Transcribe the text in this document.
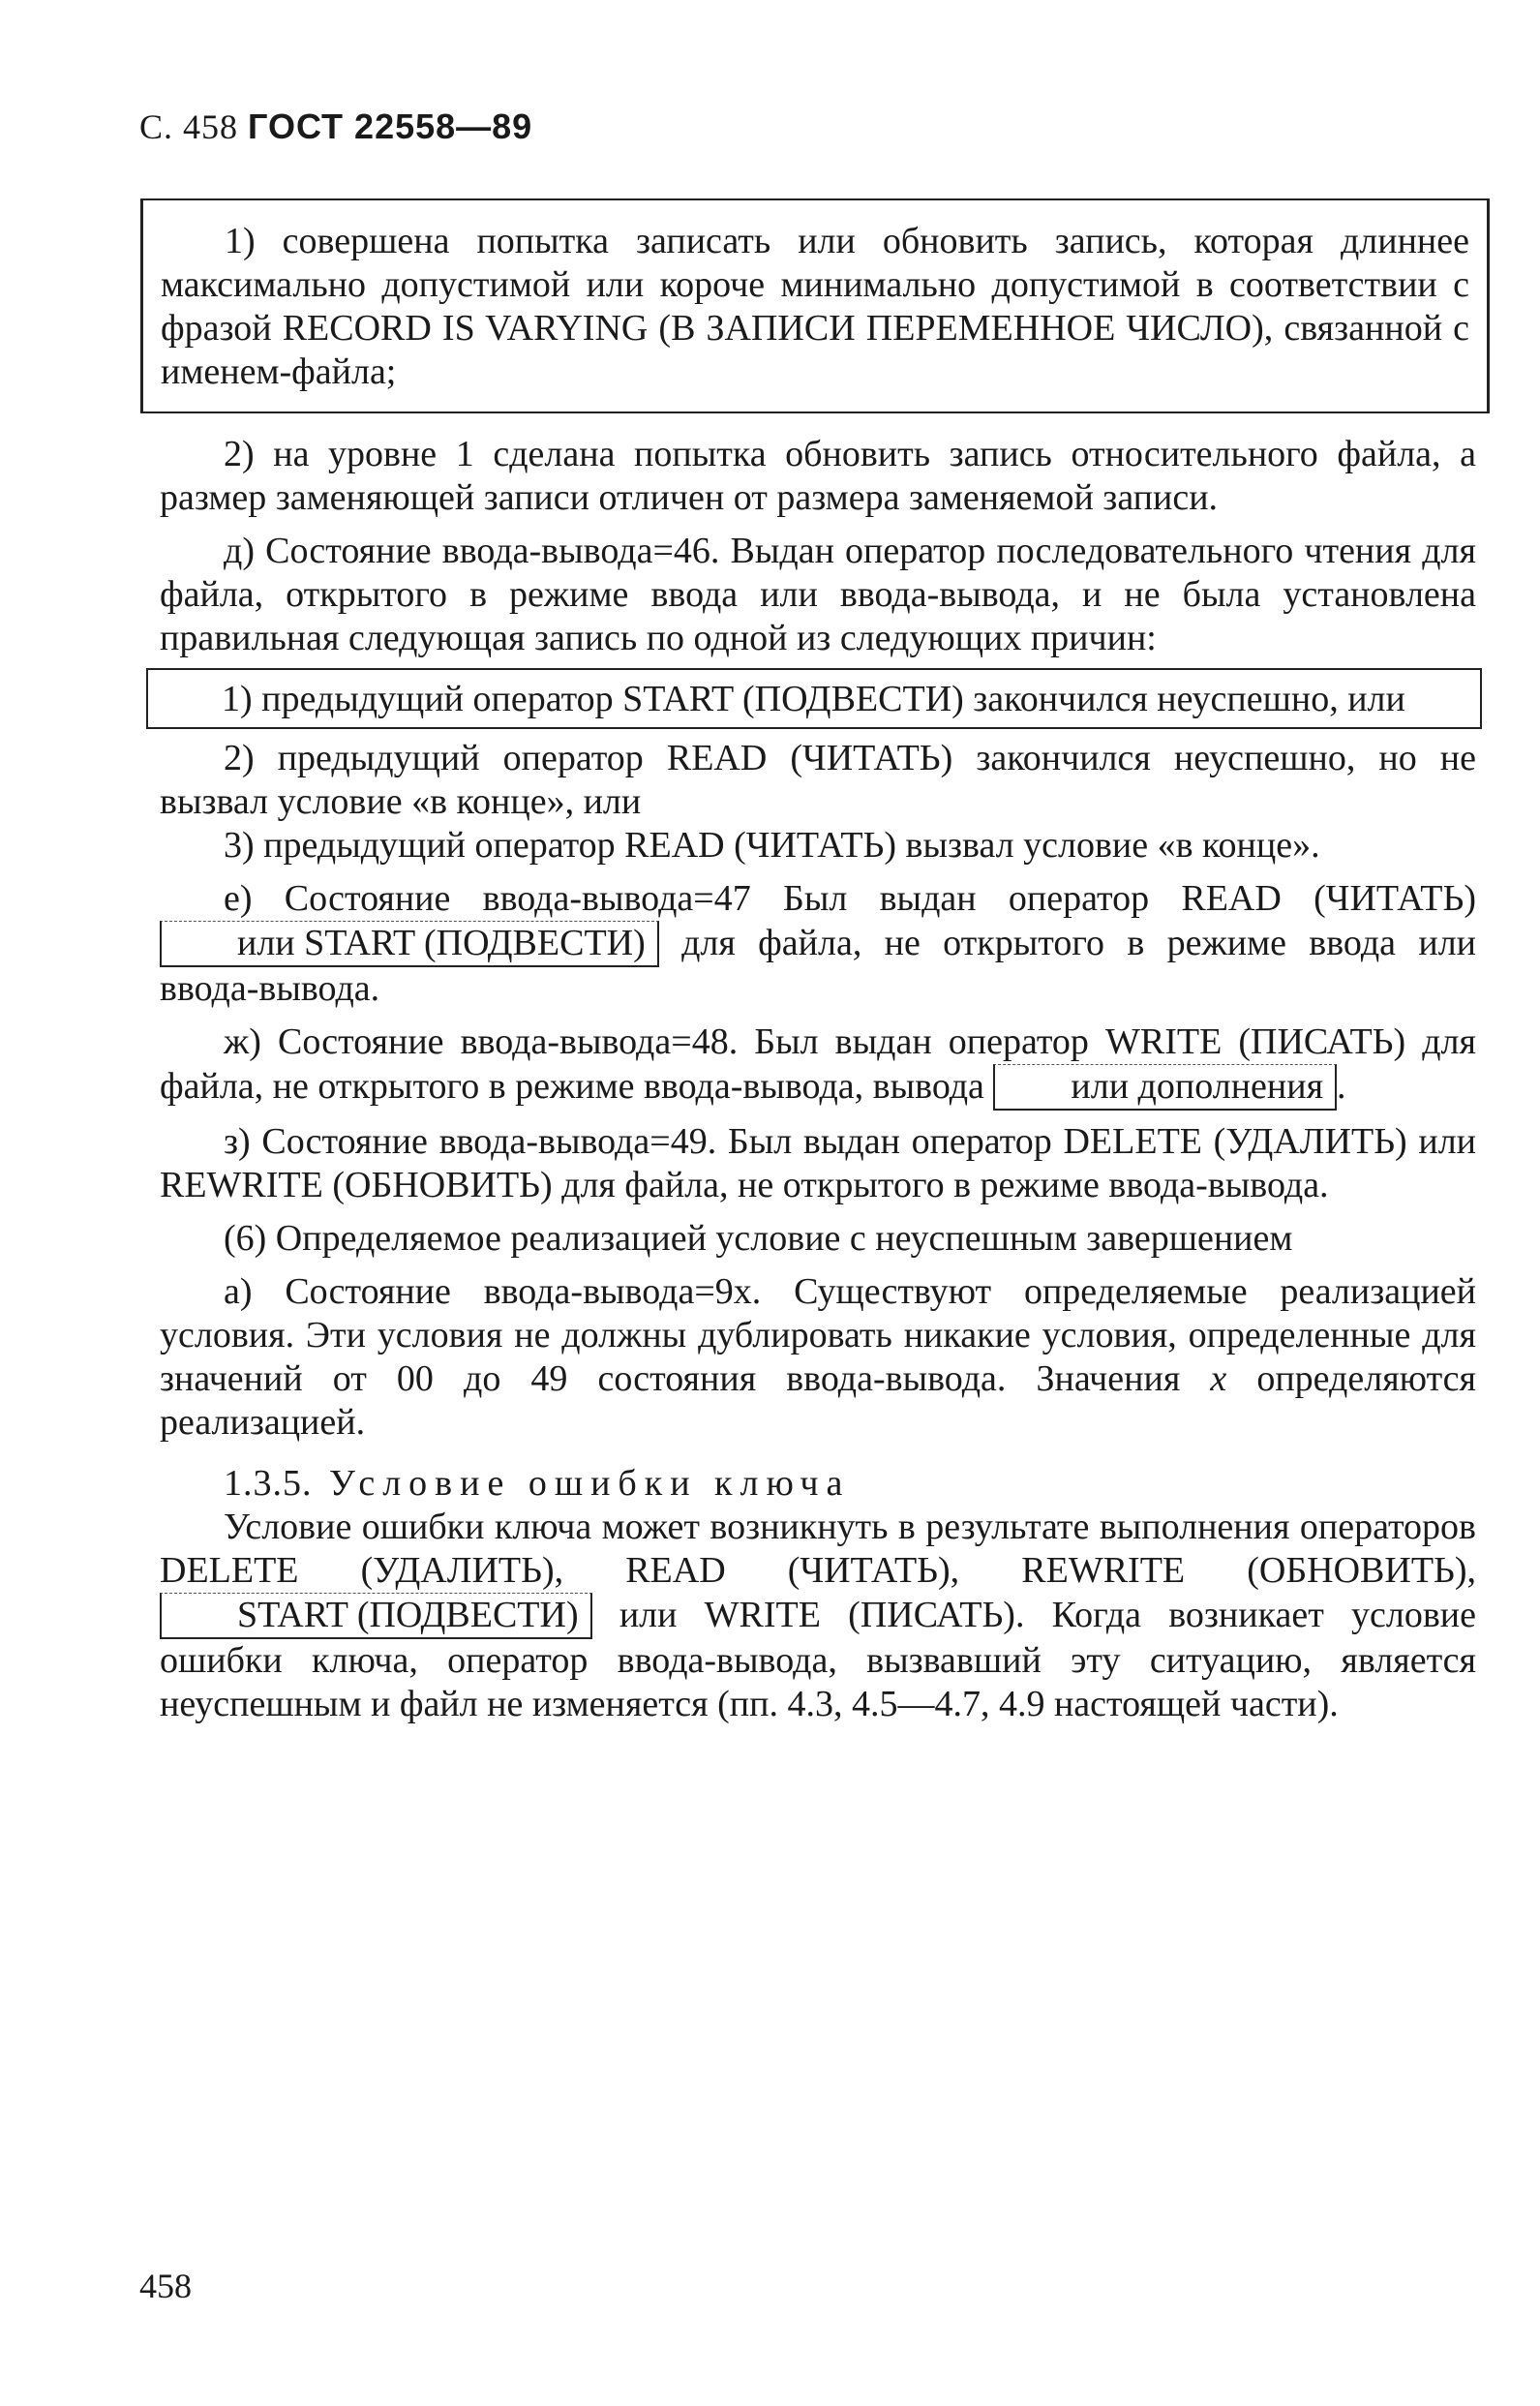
С. 458 ГОСТ 22558—89

1) совершена попытка записать или обновить запись, которая длиннее максимально допустимой или короче минимально допустимой в соответствии с фразой RECORD IS VARYING (В ЗАПИСИ ПЕРЕМЕННОЕ ЧИСЛО), связанной с именем-файла;

2) на уровне 1 сделана попытка обновить запись относительного файла, а размер заменяющей записи отличен от размера заменяемой записи.

д) Состояние ввода-вывода=46. Выдан оператор последовательного чтения для файла, открытого в режиме ввода или ввода-вывода, и не была установлена правильная следующая запись по одной из следующих причин:

1) предыдущий оператор START (ПОДВЕСТИ) закончился неуспешно, или

2) предыдущий оператор READ (ЧИТАТЬ) закончился неуспешно, но не вызвал условие «в конце», или

3) предыдущий оператор READ (ЧИТАТЬ) вызвал условие «в конце».

е) Состояние ввода-вывода=47 Был выдан оператор READ (ЧИТАТЬ) или START (ПОДВЕСТИ) для файла, не открытого в режиме ввода или ввода-вывода.

ж) Состояние ввода-вывода=48. Был выдан оператор WRITE (ПИСАТЬ) для файла, не открытого в режиме ввода-вывода, вывода или дополнения .

з) Состояние ввода-вывода=49. Был выдан оператор DELETE (УДАЛИТЬ) или REWRITE (ОБНОВИТЬ) для файла, не открытого в режиме ввода-вывода.

(6) Определяемое реализацией условие с неуспешным завершением

а) Состояние ввода-вывода=9x. Существуют определяемые реализацией условия. Эти условия не должны дублировать никакие условия, определенные для значений от 00 до 49 состояния ввода-вывода. Значения x определяются реализацией.

1.3.5. Условие ошибки ключа

Условие ошибки ключа может возникнуть в результате выполнения операторов DELETE (УДАЛИТЬ), READ (ЧИТАТЬ), REWRITE (ОБНОВИТЬ), START (ПОДВЕСТИ) или WRITE (ПИСАТЬ). Когда возникает условие ошибки ключа, оператор ввода-вывода, вызвавший эту ситуацию, является неуспешным и файл не изменяется (пп. 4.3, 4.5—4.7, 4.9 настоящей части).

458
